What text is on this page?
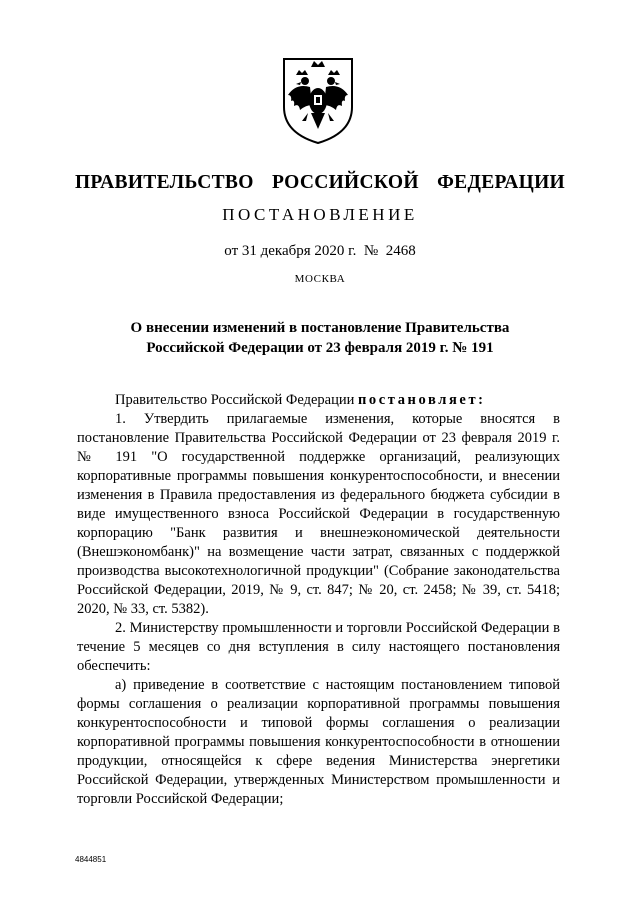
ПРАВИТЕЛЬСТВО  РОССИЙСКОЙ  ФЕДЕРАЦИИ
ПОСТАНОВЛЕНИЕ
от 31 декабря 2020 г.  №  2468
МОСКВА
О внесении изменений в постановление Правительства
Российской Федерации от 23 февраля 2019 г. № 191

Правительство Российской Федерации постановляет:

1. Утвердить прилагаемые изменения, которые вносятся в постановление Правительства Российской Федерации от 23 февраля 2019 г. № 191 "О государственной поддержке организаций, реализующих корпоративные программы повышения конкурентоспособности, и внесении изменения в Правила предоставления из федерального бюджета субсидии в виде имущественного взноса Российской Федерации в государственную корпорацию "Банк развития и внешнеэкономической деятельности (Внешэкономбанк)" на возмещение части затрат, связанных с поддержкой производства высокотехнологичной продукции" (Собрание законодательства Российской Федерации, 2019, № 9, ст. 847; № 20, ст. 2458; № 39, ст. 5418; 2020, № 33, ст. 5382).

2. Министерству промышленности и торговли Российской Федерации в течение 5 месяцев со дня вступления в силу настоящего постановления обеспечить:

а) приведение в соответствие с настоящим постановлением типовой формы соглашения о реализации корпоративной программы повышения конкурентоспособности и типовой формы соглашения о реализации корпоративной программы повышения конкурентоспособности в отношении продукции, относящейся к сфере ведения Министерства энергетики Российской Федерации, утвержденных Министерством промышленности и торговли Российской Федерации;

4844851
